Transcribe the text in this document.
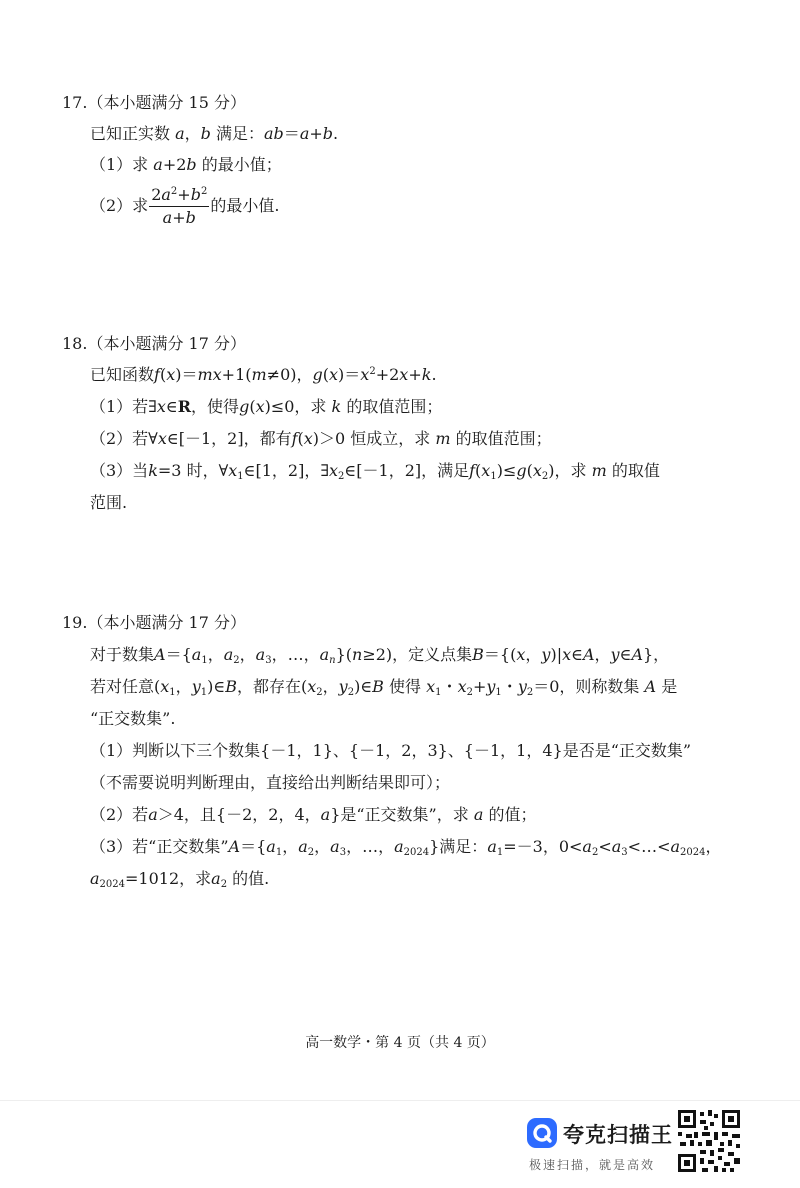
17.（本小题满分 15 分）
已知正实数 a，b 满足：ab＝a+b.
（1）求 a+2b 的最小值；
（2）求 $\frac{2a^2+b^2}{a+b}$ 的最小值.
18.（本小题满分 17 分）
已知函数f(x)＝mx+1(m≠0)，$g(x)=x^2+2x+k$.
（1）若∃x∈R，使得g(x)≤0，求 k 的取值范围；
（2）若∀x∈[－1，2]，都有f(x)＞0 恒成立，求 m 的取值范围；
（3）当k=3 时，$\forall x_1\in[1$，2]，$\exists x_2\in[-1$，2]，满足$f(x_1)\le g(x_2)$，求 m 的取值
范围.
19.（本小题满分 17 分）
对于数集$A=\{a_1$，$a_2$，$a_3$，…，$a_n\}(n\ge 2)$，定义点集B＝{(x，y)|x∈A，y∈A}，
若对任意($x_1$，$y_1)\in B$，都存在($x_2$，$y_2)\in B$ 使得 $x_1$・$x_2+y_1$・$y_2=0$，则称数集 A 是
“正交数集”.
（1）判断以下三个数集{－1，1}、{－1，2，3}、{－1，1，4}是否是“正交数集”
（不需要说明判断理由，直接给出判断结果即可）；
（2）若a＞4，且{－2，2，4，a}是“正交数集”，求 a 的值；
（3）若“正交数集$”A=\{a_1$，$a_2$，$a_3$，…，$a_{2024}$}满足：$a_1=-3$，$0<a_2<a_3<\dots<a_{2024}$，
$a_{2024}=1012$，求$a_2$ 的值.
高一数学・第 4 页（共 4 页）
夸克扫描王
极速扫描，就是高效
